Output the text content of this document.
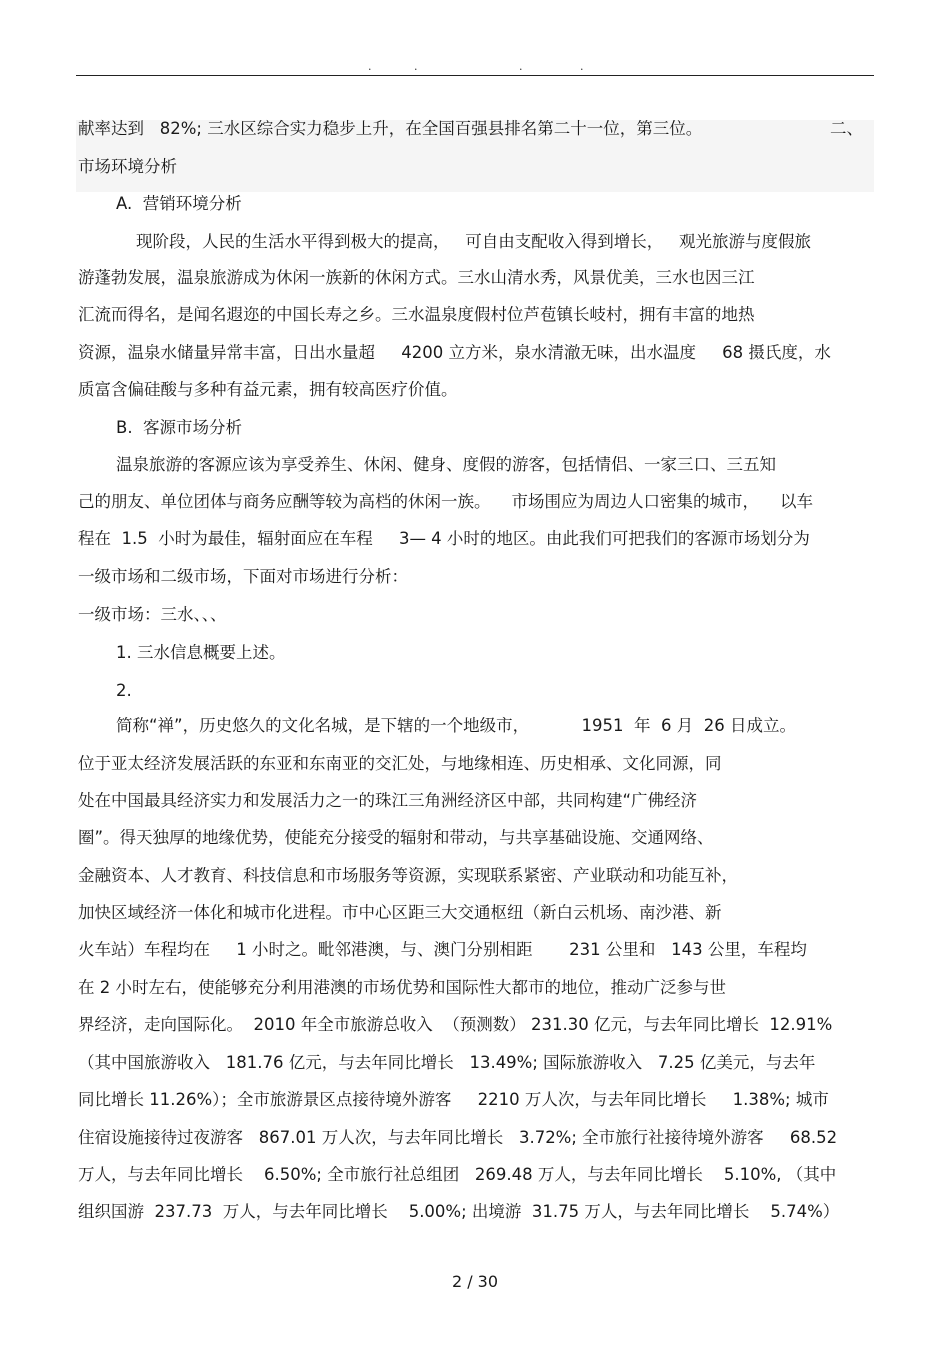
.	.	.	.
献率达到   82%; 三水区综合实力稳步上升，在全国百强县排名第二十一位，第三位。	二、
市场环境分析
A.  营销环境分析
现阶段，人民的生活水平得到极大的提高，   可自由支配收入得到增长，   观光旅游与度假旅
游蓬勃发展，温泉旅游成为休闲一族新的休闲方式。三水山清水秀，风景优美，三水也因三江
汇流而得名，是闻名遐迩的中国长寿之乡。三水温泉度假村位芦苞镇长岐村，拥有丰富的地热
资源，温泉水储量异常丰富，日出水量超     4200 立方米，泉水清澈无味，出水温度     68 摄氏度，水
质富含偏硅酸与多种有益元素，拥有较高医疗价值。
B.  客源市场分析
温泉旅游的客源应该为享受养生、休闲、健身、度假的游客，包括情侣、一家三口、三五知
己的朋友、单位团体与商务应酬等较为高档的休闲一族。    市场围应为周边人口密集的城市，    以车
程在  1.5  小时为最佳，辐射面应在车程     3— 4 小时的地区。由此我们可把我们的客源市场划分为
一级市场和二级市场，下面对市场进行分析：
一级市场：三水、、、
1. 三水信息概要上述。
2.
简称“禅”，历史悠久的文化名城，是下辖的一个地级市，          1951  年  6 月  26 日成立。
位于亚太经济发展活跃的东亚和东南亚的交汇处，与地缘相连、历史相承、文化同源，同
处在中国最具经济实力和发展活力之一的珠江三角洲经济区中部，共同构建“广佛经济
圈”。得天独厚的地缘优势，使能充分接受的辐射和带动，与共享基础设施、交通网络、
金融资本、人才教育、科技信息和市场服务等资源，实现联系紧密、产业联动和功能互补，
加快区域经济一体化和城市化进程。市中心区距三大交通枢纽（新白云机场、南沙港、新
火车站）车程均在     1 小时之。毗邻港澳，与、澳门分别相距       231 公里和   143 公里，车程均
在 2 小时左右，使能够充分利用港澳的市场优势和国际性大都市的地位，推动广泛参与世
界经济，走向国际化。  2010 年全市旅游总收入  （预测数） 231.30 亿元，与去年同比增长  12.91%
（其中国旅游收入   181.76 亿元，与去年同比增长   13.49%; 国际旅游收入   7.25 亿美元，与去年
同比增长 11.26%）；全市旅游景区点接待境外游客     2210 万人次，与去年同比增长     1.38%; 城市
住宿设施接待过夜游客   867.01 万人次，与去年同比增长   3.72%; 全市旅行社接待境外游客     68.52
万人，与去年同比增长    6.50%; 全市旅行社总组团   269.48 万人，与去年同比增长    5.10%, （其中
组织国游  237.73  万人，与去年同比增长    5.00%; 出境游  31.75 万人，与去年同比增长    5.74%）
2 / 30
